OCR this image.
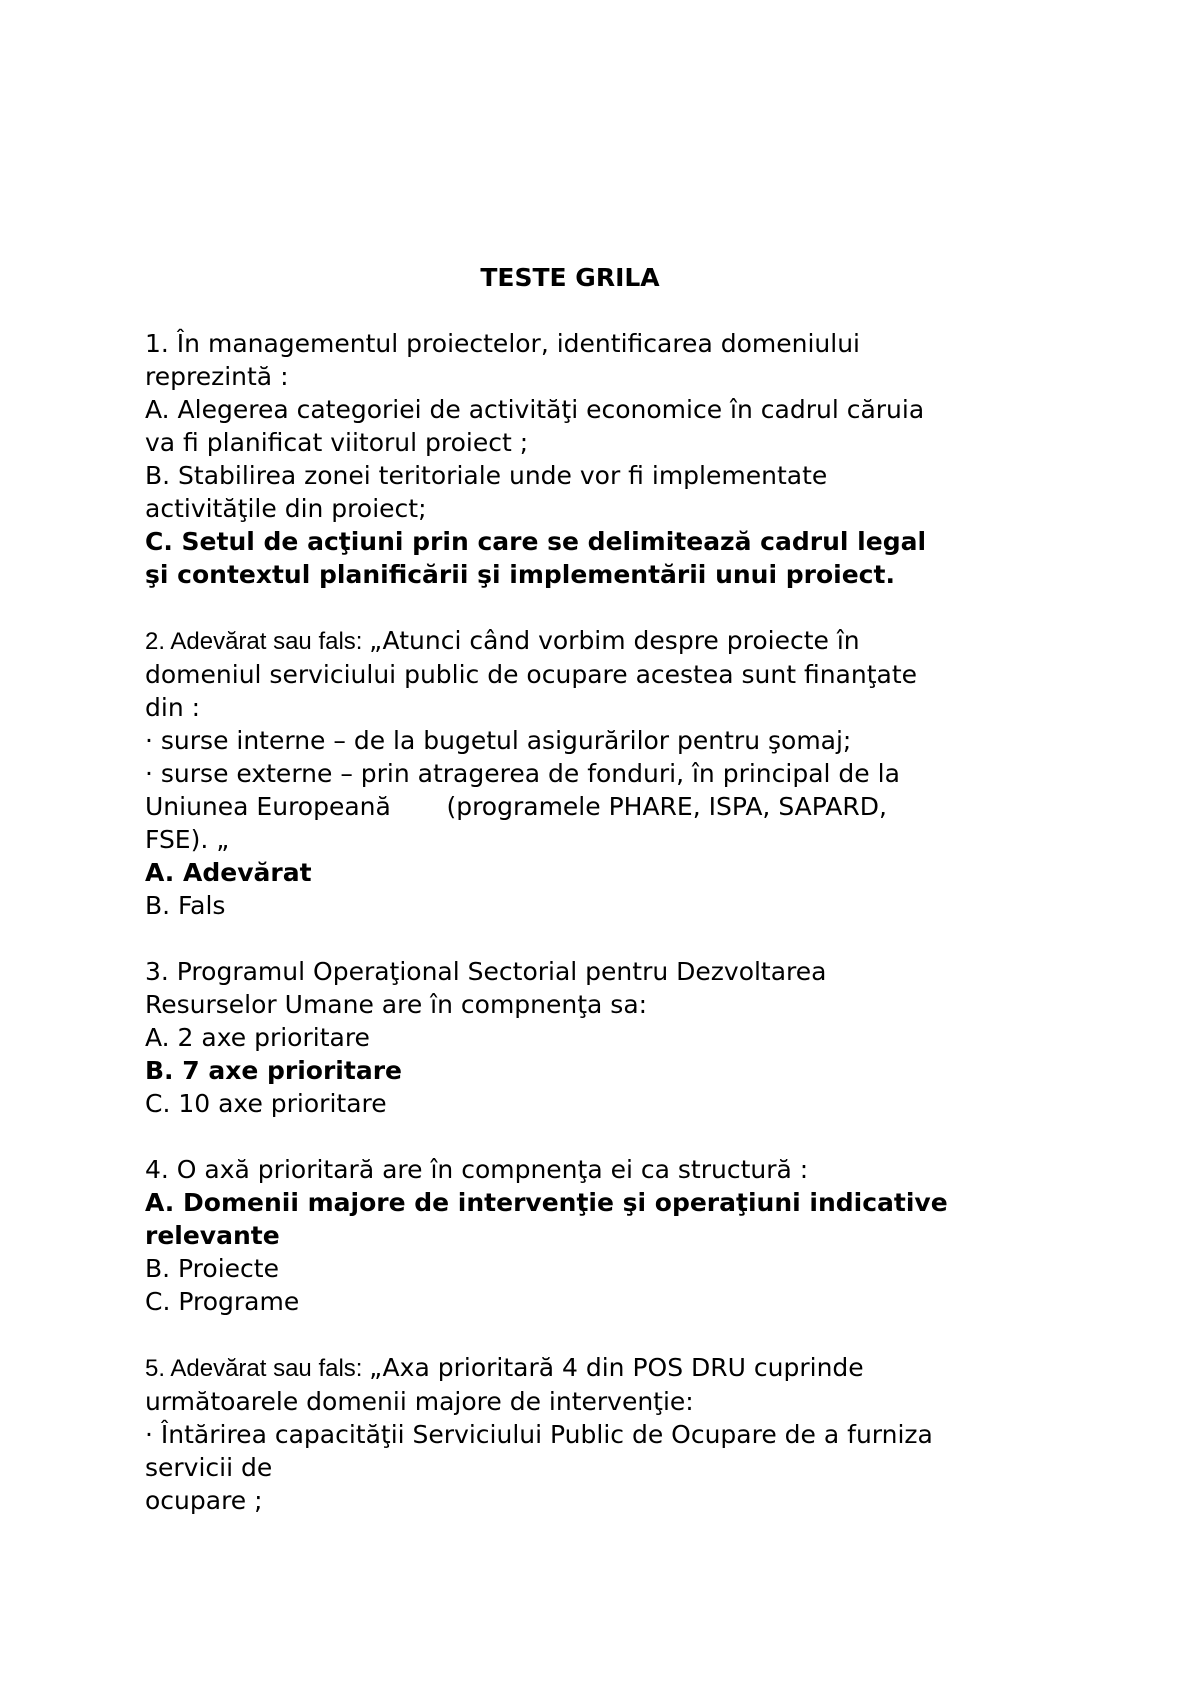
TESTE GRILA
1. În managementul proiectelor, identificarea domeniului
reprezintă :
A. Alegerea categoriei de activităţi economice în cadrul căruia
va fi planificat viitorul proiect ;
B. Stabilirea zonei teritoriale unde vor fi implementate
activităţile din proiect;
C. Setul de acţiuni prin care se delimitează cadrul legal
şi contextul planificării şi implementării unui proiect.
2. Adevărat sau fals: „Atunci când vorbim despre proiecte în
domeniul serviciului public de ocupare acestea sunt finanţate
din :
· surse interne – de la bugetul asigurărilor pentru şomaj;
· surse externe – prin atragerea de fonduri, în principal de la
Uniunea Europeană       (programele PHARE, ISPA, SAPARD,
FSE). „
A. Adevărat
B. Fals
3. Programul Operaţional Sectorial pentru Dezvoltarea
Resurselor Umane are în compnenţa sa:
A. 2 axe prioritare
B. 7 axe prioritare
C. 10 axe prioritare
4. O axă prioritară are în compnenţa ei ca structură :
A. Domenii majore de intervenţie şi operaţiuni indicative
relevante
B. Proiecte
C. Programe
5. Adevărat sau fals: „Axa prioritară 4 din POS DRU cuprinde
următoarele domenii majore de intervenţie:
· Întărirea capacităţii Serviciului Public de Ocupare de a furniza
servicii de
ocupare ;
